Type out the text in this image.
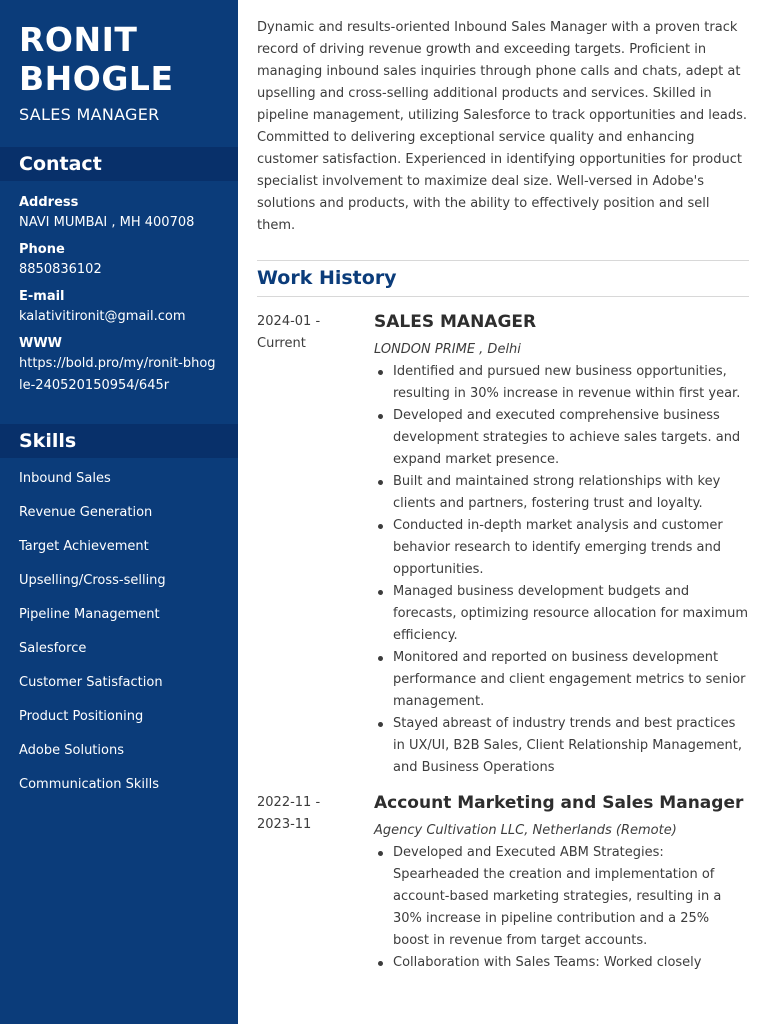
RONIT
BHOGLE
SALES MANAGER
Contact
Address
NAVI MUMBAI , MH 400708
Phone
8850836102
E-mail
kalativitironit@gmail.com
WWW
https://bold.pro/my/ronit-bhogle-240520150954/645r
Skills
Inbound Sales
Revenue Generation
Target Achievement
Upselling/Cross-selling
Pipeline Management
Salesforce
Customer Satisfaction
Product Positioning
Adobe Solutions
Communication Skills

Dynamic and results-oriented Inbound Sales Manager with a proven track record of driving revenue growth and exceeding targets. Proficient in managing inbound sales inquiries through phone calls and chats, adept at upselling and cross-selling additional products and services. Skilled in pipeline management, utilizing Salesforce to track opportunities and leads. Committed to delivering exceptional service quality and enhancing customer satisfaction. Experienced in identifying opportunities for product specialist involvement to maximize deal size. Well-versed in Adobe's solutions and products, with the ability to effectively position and sell them.

Work History
2024-01 -
Current
SALES MANAGER
LONDON PRIME , Delhi
Identified and pursued new business opportunities, resulting in 30% increase in revenue within first year.
Developed and executed comprehensive business development strategies to achieve sales targets. and expand market presence.
Built and maintained strong relationships with key clients and partners, fostering trust and loyalty.
Conducted in-depth market analysis and customer behavior research to identify emerging trends and opportunities.
Managed business development budgets and forecasts, optimizing resource allocation for maximum efficiency.
Monitored and reported on business development performance and client engagement metrics to senior management.
Stayed abreast of industry trends and best practices in UX/UI, B2B Sales, Client Relationship Management, and Business Operations
2022-11 -
2023-11
Account Marketing and Sales Manager
Agency Cultivation LLC, Netherlands (Remote)
Developed and Executed ABM Strategies: Spearheaded the creation and implementation of account-based marketing strategies, resulting in a 30% increase in pipeline contribution and a 25% boost in revenue from target accounts.
Collaboration with Sales Teams: Worked closely
